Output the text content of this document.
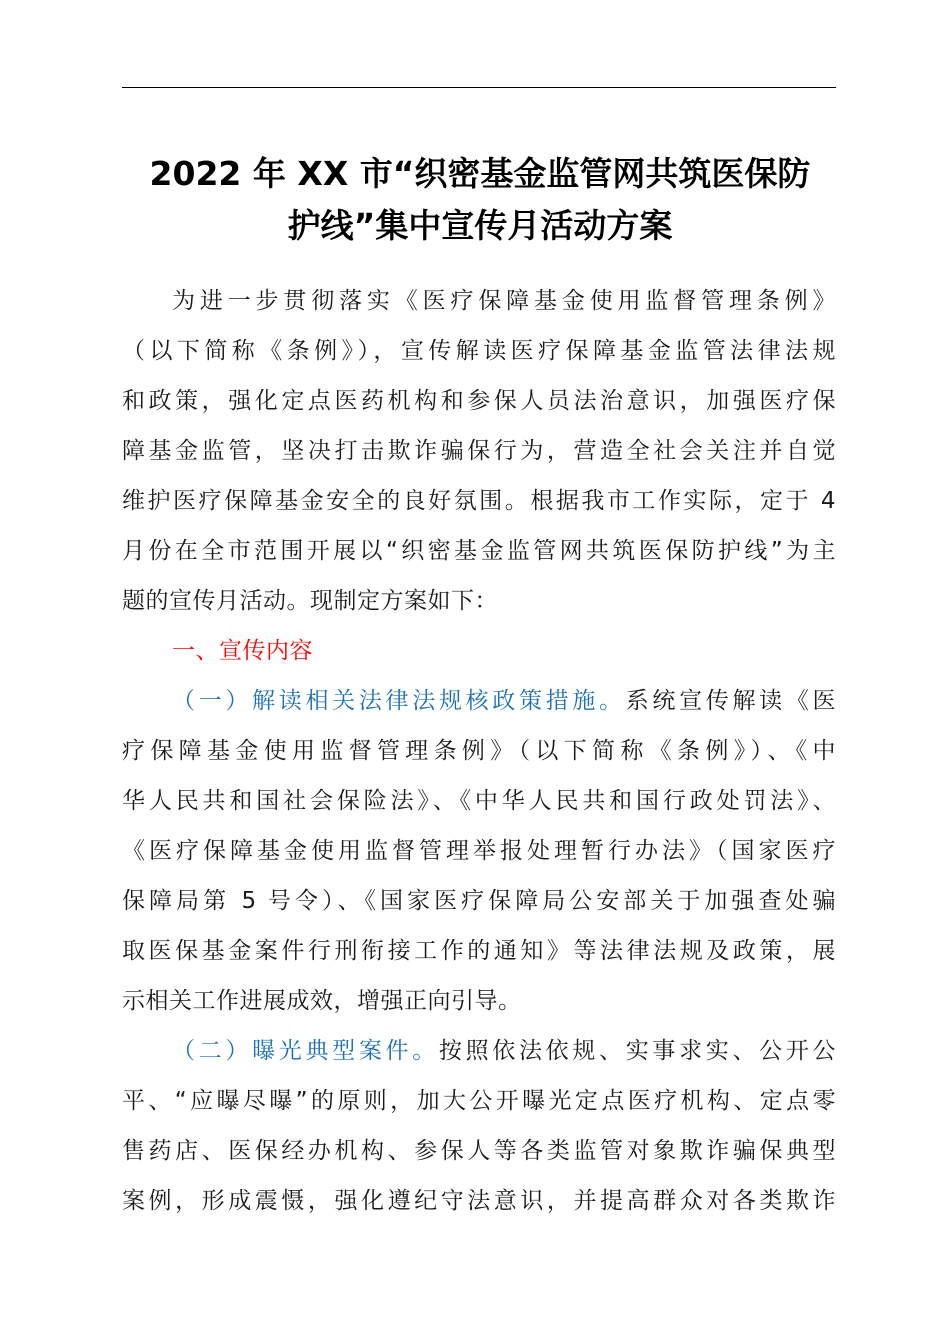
2022 年 XX 市“织密基金监管网共筑医保防
护线”集中宣传月活动方案
为进一步贯彻落实《医疗保障基金使用监督管理条例》
（以下简称《条例》），宣传解读医疗保障基金监管法律法规
和政策，强化定点医药机构和参保人员法治意识，加强医疗保
障基金监管，坚决打击欺诈骗保行为，营造全社会关注并自觉
维护医疗保障基金安全的良好氛围。根据我市工作实际，定于 4
月份在全市范围开展以“织密基金监管网共筑医保防护线”为主
题的宣传月活动。现制定方案如下：
一、宣传内容
（一）解读相关法律法规核政策措施。系统宣传解读《医
疗保障基金使用监督管理条例》（以下简称《条例》）、《中
华人民共和国社会保险法》、《中华人民共和国行政处罚法》、
《医疗保障基金使用监督管理举报处理暂行办法》（国家医疗
保障局第 5 号令）、《国家医疗保障局公安部关于加强查处骗
取医保基金案件行刑衔接工作的通知》等法律法规及政策，展
示相关工作进展成效，增强正向引导。
（二）曝光典型案件。按照依法依规、实事求实、公开公
平、“应曝尽曝”的原则，加大公开曝光定点医疗机构、定点零
售药店、医保经办机构、参保人等各类监管对象欺诈骗保典型
案例，形成震慑，强化遵纪守法意识，并提高群众对各类欺诈
